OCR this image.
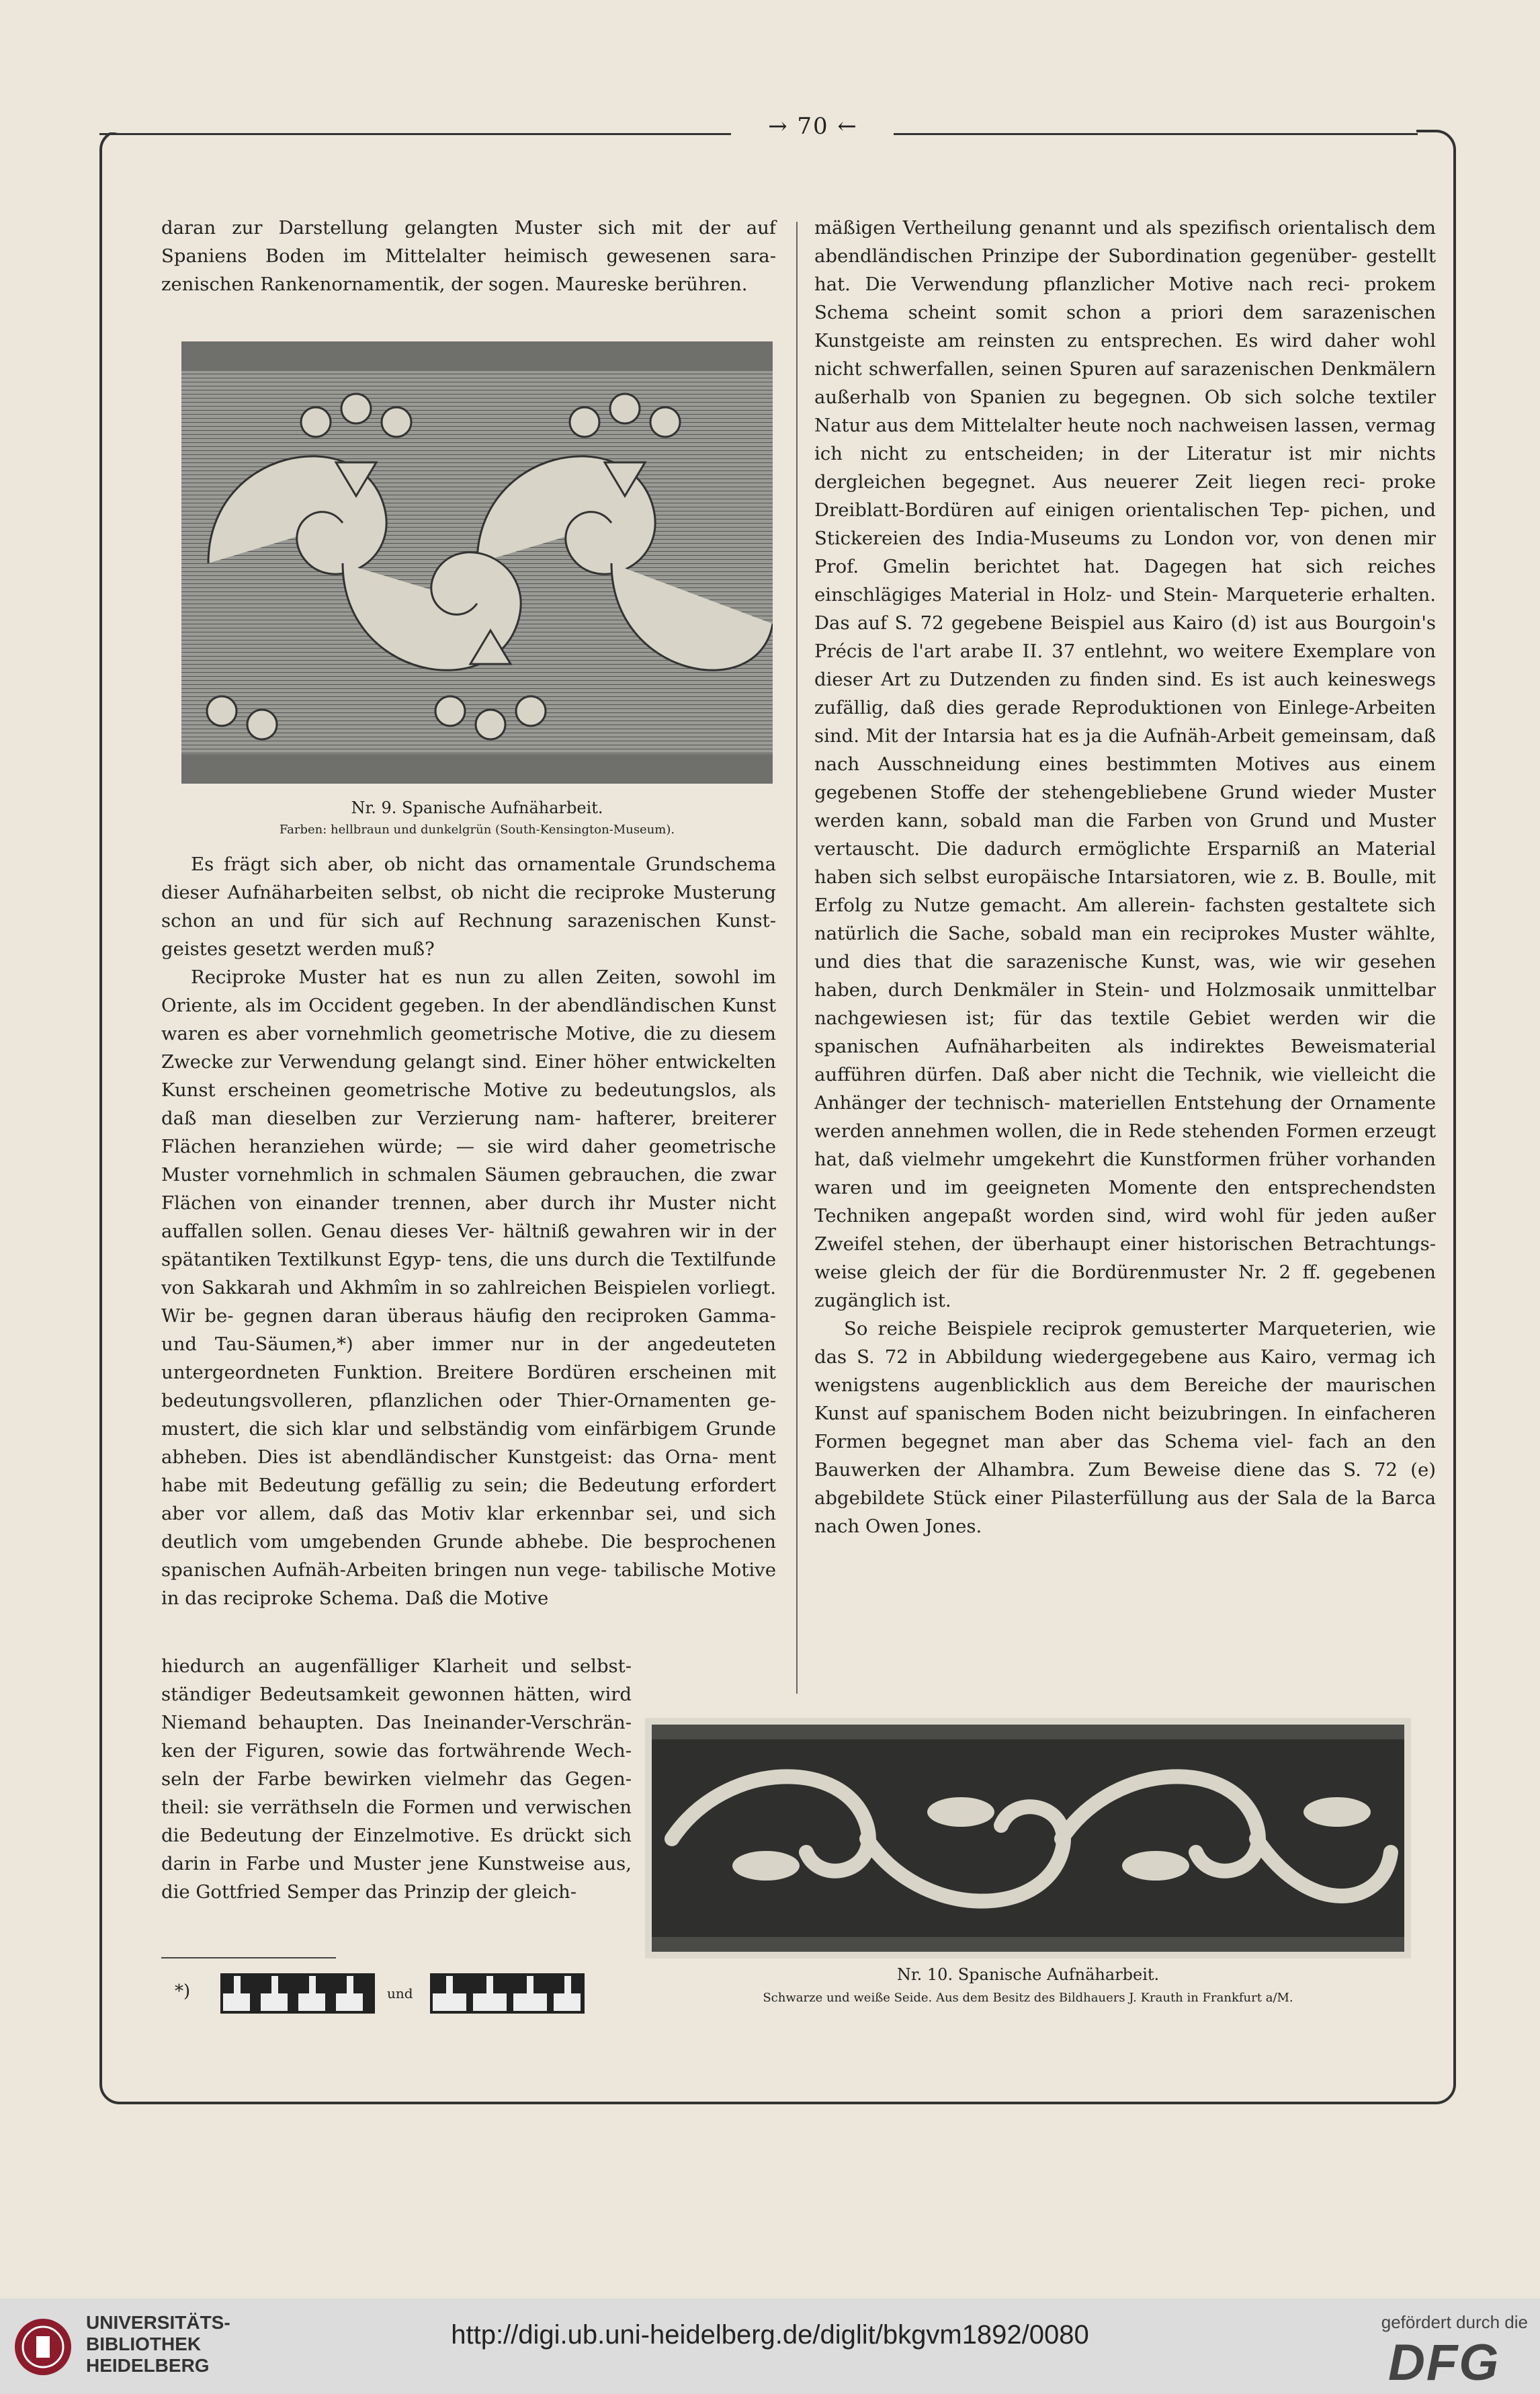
→ 70 ←

daran zur Darstellung gelangten Muster sich mit der auf Spaniens Boden im Mittelalter heimisch gewesenen sara- zenischen Rankenornamentik, der sogen. Maureske berühren.

Nr. 9. Spanische Aufnäharbeit.
Farben: hellbraun und dunkelgrün (South-Kensington-Museum).

Es frägt sich aber, ob nicht das ornamentale Grundschema dieser Aufnäharbeiten selbst, ob nicht die reciproke Musterung schon an und für sich auf Rechnung sarazenischen Kunst- geistes gesetzt werden muß?

Reciproke Muster hat es nun zu allen Zeiten, sowohl im Oriente, als im Occident gegeben. In der abendländischen Kunst waren es aber vornehmlich geometrische Motive, die zu diesem Zwecke zur Verwendung gelangt sind. Einer höher entwickelten Kunst erscheinen geometrische Motive zu bedeutungslos, als daß man dieselben zur Verzierung nam- hafterer, breiterer Flächen heranziehen würde; — sie wird daher geometrische Muster vornehmlich in schmalen Säumen gebrauchen, die zwar Flächen von einander trennen, aber durch ihr Muster nicht auffallen sollen. Genau dieses Ver- hältniß gewahren wir in der spätantiken Textilkunst Egyp- tens, die uns durch die Textilfunde von Sakkarah und Akhmîm in so zahlreichen Beispielen vorliegt. Wir be- gegnen daran überaus häufig den reciproken Gamma- und Tau-Säumen,*) aber immer nur in der angedeuteten untergeordneten Funktion. Breitere Bordüren erscheinen mit bedeutungsvolleren, pflanzlichen oder Thier-Ornamenten ge- mustert, die sich klar und selbständig vom einfärbigem Grunde abheben. Dies ist abendländischer Kunstgeist: das Orna- ment habe mit Bedeutung gefällig zu sein; die Bedeutung erfordert aber vor allem, daß das Motiv klar erkennbar sei, und sich deutlich vom umgebenden Grunde abhebe. Die besprochenen spanischen Aufnäh-Arbeiten bringen nun vege- tabilische Motive in das reciproke Schema. Daß die Motive

hiedurch an augenfälliger Klarheit und selbst- ständiger Bedeutsamkeit gewonnen hätten, wird Niemand behaupten. Das Ineinander-Verschrän- ken der Figuren, sowie das fortwährende Wech- seln der Farbe bewirken vielmehr das Gegen- theil: sie verräthseln die Formen und verwischen die Bedeutung der Einzelmotive. Es drückt sich darin in Farbe und Muster jene Kunstweise aus, die Gottfried Semper das Prinzip der gleich-

mäßigen Vertheilung genannt und als spezifisch orientalisch dem abendländischen Prinzipe der Subordination gegenüber- gestellt hat. Die Verwendung pflanzlicher Motive nach reci- prokem Schema scheint somit schon a priori dem sarazenischen Kunstgeiste am reinsten zu entsprechen. Es wird daher wohl nicht schwerfallen, seinen Spuren auf sarazenischen Denkmälern außerhalb von Spanien zu begegnen. Ob sich solche textiler Natur aus dem Mittelalter heute noch nachweisen lassen, vermag ich nicht zu entscheiden; in der Literatur ist mir nichts dergleichen begegnet. Aus neuerer Zeit liegen reci- proke Dreiblatt-Bordüren auf einigen orientalischen Tep- pichen, und Stickereien des India-Museums zu London vor, von denen mir Prof. Gmelin berichtet hat. Dagegen hat sich reiches einschlägiges Material in Holz- und Stein- Marqueterie erhalten. Das auf S. 72 gegebene Beispiel aus Kairo (d) ist aus Bourgoin's Précis de l'art arabe II. 37 entlehnt, wo weitere Exemplare von dieser Art zu Dutzenden zu finden sind. Es ist auch keineswegs zufällig, daß dies gerade Reproduktionen von Einlege-Arbeiten sind. Mit der Intarsia hat es ja die Aufnäh-Arbeit gemeinsam, daß nach Ausschneidung eines bestimmten Motives aus einem gegebenen Stoffe der stehengebliebene Grund wieder Muster werden kann, sobald man die Farben von Grund und Muster vertauscht. Die dadurch ermöglichte Ersparniß an Material haben sich selbst europäische Intarsiatoren, wie z. B. Boulle, mit Erfolg zu Nutze gemacht. Am allerein- fachsten gestaltete sich natürlich die Sache, sobald man ein reciprokes Muster wählte, und dies that die sarazenische Kunst, was, wie wir gesehen haben, durch Denkmäler in Stein- und Holzmosaik unmittelbar nachgewiesen ist; für das textile Gebiet werden wir die spanischen Aufnäharbeiten als indirektes Beweismaterial aufführen dürfen. Daß aber nicht die Technik, wie vielleicht die Anhänger der technisch- materiellen Entstehung der Ornamente werden annehmen wollen, die in Rede stehenden Formen erzeugt hat, daß vielmehr umgekehrt die Kunstformen früher vorhanden waren und im geeigneten Momente den entsprechendsten Techniken angepaßt worden sind, wird wohl für jeden außer Zweifel stehen, der überhaupt einer historischen Betrachtungs- weise gleich der für die Bordürenmuster Nr. 2 ff. gegebenen zugänglich ist.

So reiche Beispiele reciprok gemusterter Marqueterien, wie das S. 72 in Abbildung wiedergegebene aus Kairo, vermag ich wenigstens augenblicklich aus dem Bereiche der maurischen Kunst auf spanischem Boden nicht beizubringen. In einfacheren Formen begegnet man aber das Schema viel- fach an den Bauwerken der Alhambra. Zum Beweise diene das S. 72 (e) abgebildete Stück einer Pilasterfüllung aus der Sala de la Barca nach Owen Jones.

Nr. 10. Spanische Aufnäharbeit.
Schwarze und weiße Seide. Aus dem Besitz des Bildhauers J. Krauth in Frankfurt a/M.
*)	und
UNIVERSITÄTS-
BIBLIOTHEK
HEIDELBERG
http://digi.ub.uni-heidelberg.de/diglit/bkgvm1892/0080	gefördert durch die
DFG
